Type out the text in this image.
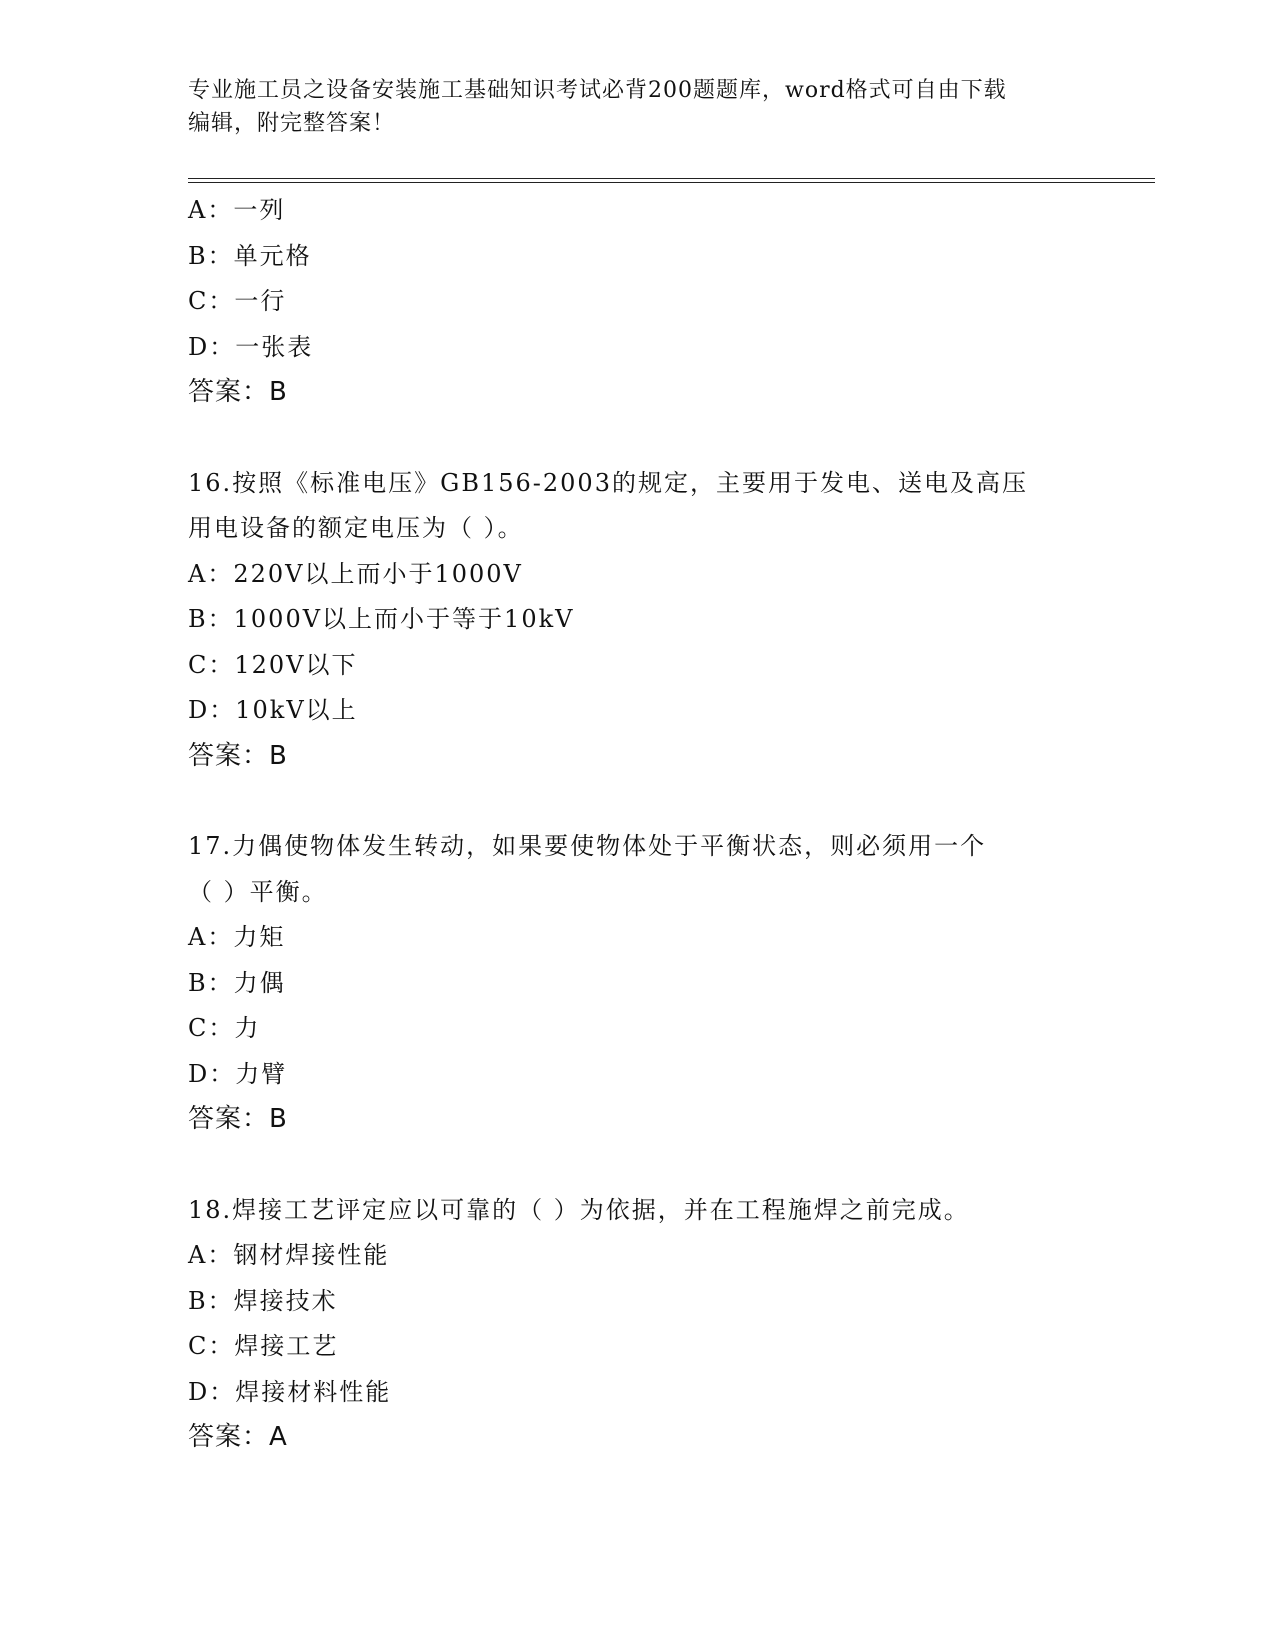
专业施工员之设备安装施工基础知识考试必背200题题库，word格式可自由下载
编辑，附完整答案！
A：一列
B：单元格
C：一行
D：一张表
答案：B
16.按照《标准电压》GB156-2003的规定，主要用于发电、送电及高压
用电设备的额定电压为（ ）。
A：220V以上而小于1000V
B：1000V以上而小于等于10kV
C：120V以下
D：10kV以上
答案：B
17.力偶使物体发生转动，如果要使物体处于平衡状态，则必须用一个
（ ）平衡。
A：力矩
B：力偶
C：力
D：力臂
答案：B
18.焊接工艺评定应以可靠的（ ）为依据，并在工程施焊之前完成。
A：钢材焊接性能
B：焊接技术
C：焊接工艺
D：焊接材料性能
答案：A
